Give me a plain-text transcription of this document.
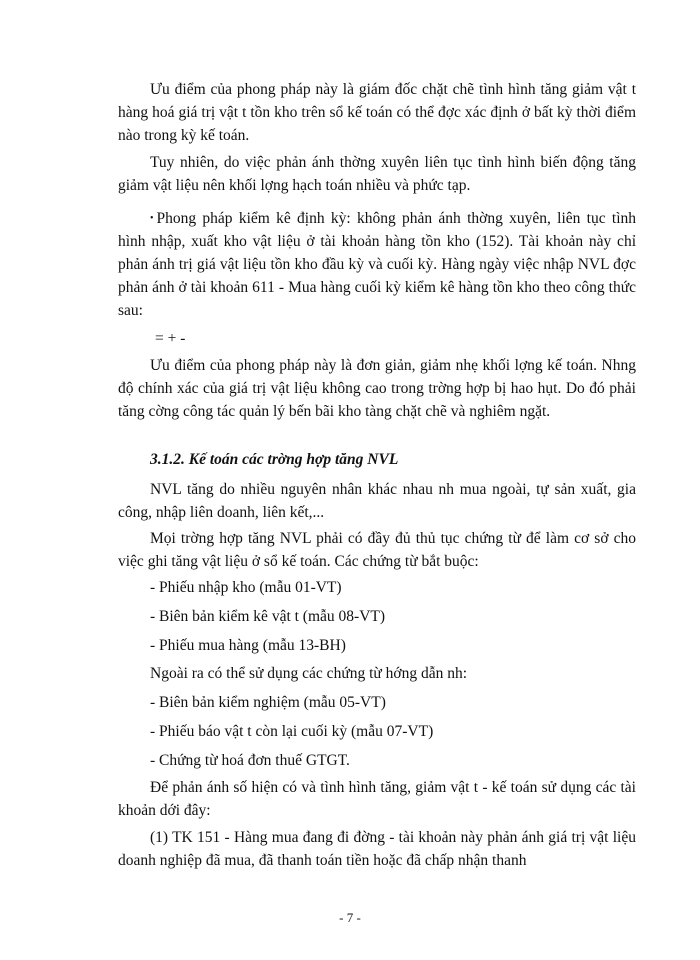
Ưu điểm của phong pháp này là giám đốc chặt chẽ tình hình tăng giảm vật t hàng hoá giá trị vật t tồn kho trên sổ kế toán có thể đợc xác định ở bất kỳ thời điểm nào trong kỳ kế toán.

Tuy nhiên, do việc phản ánh thờng xuyên liên tục tình hình biến động tăng giảm vật liệu nên khối lợng hạch toán nhiều và phức tạp.

• Phong pháp kiểm kê định kỳ: không phản ánh thờng xuyên, liên tục tình hình nhập, xuất kho vật liệu ở tài khoản hàng tồn kho (152). Tài khoản này chỉ phản ánh trị giá vật liệu tồn kho đầu kỳ và cuối kỳ. Hàng ngày việc nhập NVL đợc phản ánh ở tài khoản 611 - Mua hàng cuối kỳ kiểm kê hàng tồn kho theo công thức sau:

= + -

Ưu điểm của phong pháp này là đơn giản, giảm nhẹ khối lợng kế toán. Nhng độ chính xác của giá trị vật liệu không cao trong trờng hợp bị hao hụt. Do đó phải tăng cờng công tác quản lý bến bãi kho tàng chặt chẽ và nghiêm ngặt.

3.1.2. Kế toán các trờng hợp tăng NVL

NVL tăng do nhiều nguyên nhân khác nhau nh mua ngoài, tự sản xuất, gia công, nhập liên doanh, liên kết,...

Mọi trờng hợp tăng NVL phải có đầy đủ thủ tục chứng từ để làm cơ sở cho việc ghi tăng vật liệu ở sổ kế toán. Các chứng từ bắt buộc:

- Phiếu nhập kho (mẫu 01-VT)

- Biên bản kiểm kê vật t (mẫu 08-VT)

- Phiếu mua hàng (mẫu 13-BH)

Ngoài ra có thể sử dụng các chứng từ hớng dẫn nh:

- Biên bản kiểm nghiệm (mẫu 05-VT)

- Phiếu báo vật t còn lại cuối kỳ (mẫu 07-VT)

- Chứng từ hoá đơn thuế GTGT.

Để phản ánh số hiện có và tình hình tăng, giảm vật t - kế toán sử dụng các tài khoản dới đây:

(1) TK 151 - Hàng mua đang đi đờng - tài khoản này phản ánh giá trị vật liệu doanh nghiệp đã mua, đã thanh toán tiền hoặc đã chấp nhận thanh

- 7 -
